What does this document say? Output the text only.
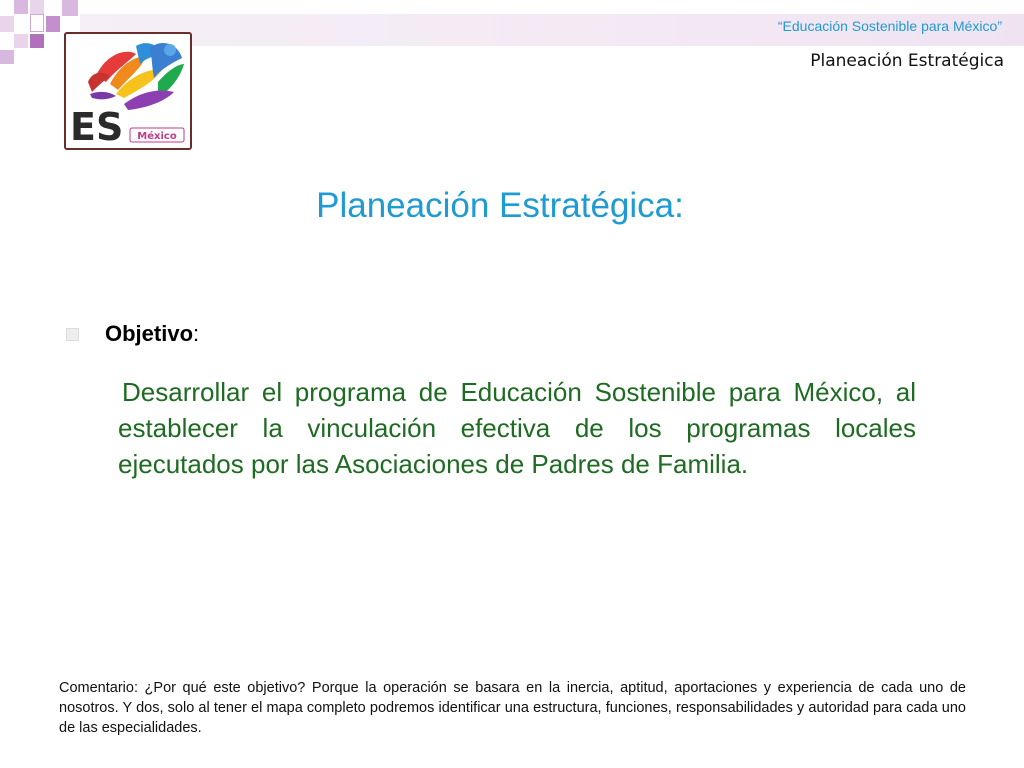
“Educación Sostenible para México”
Planeación Estratégica
ES México
Planeación Estratégica:
Objetivo:
Desarrollar el programa de Educación Sostenible para México, al establecer la vinculación efectiva de los programas locales ejecutados por las Asociaciones de Padres de Familia.
Comentario: ¿Por qué este objetivo? Porque la operación se basara en la inercia, aptitud, aportaciones y experiencia de cada uno de nosotros. Y dos, solo al tener el mapa completo podremos identificar una estructura, funciones, responsabilidades y autoridad para cada uno de las especialidades.
